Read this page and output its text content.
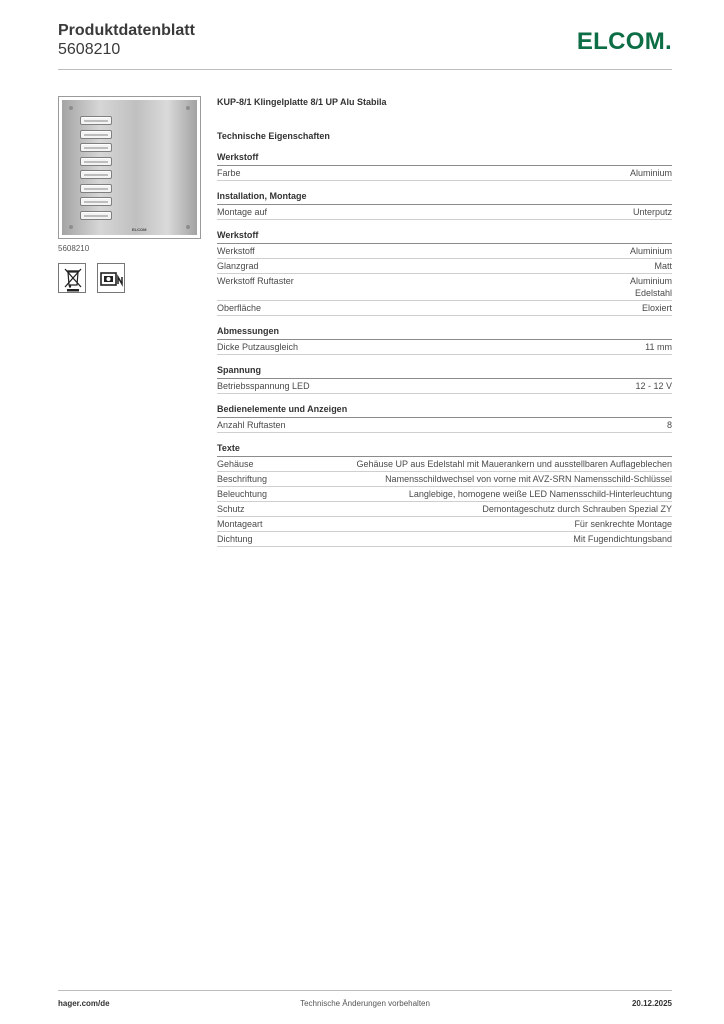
Produktdatenblatt
5608210	ELCOM.
ELCOM
5608210
KUP-8/1 Klingelplatte 8/1 UP Alu Stabila
Technische Eigenschaften
Werkstoff
Farbe	Aluminium
Installation, Montage
Montage auf	Unterputz
Werkstoff
Werkstoff	Aluminium
Glanzgrad	Matt
Werkstoff Ruftaster	Aluminium
Edelstahl
Oberfläche	Eloxiert
Abmessungen
Dicke Putzausgleich	11 mm
Spannung
Betriebsspannung LED	12 - 12 V
Bedienelemente und Anzeigen
Anzahl Ruftasten	8
Texte
Gehäuse	Gehäuse UP aus Edelstahl mit Mauerankern und ausstellbaren Auflageblechen
Beschriftung	Namensschildwechsel von vorne mit AVZ-SRN Namensschild-Schlüssel
Beleuchtung	Langlebige, homogene weiße LED Namensschild-Hinterleuchtung
Schutz	Demontageschutz durch Schrauben Spezial ZY
Montageart	Für senkrechte Montage
Dichtung	Mit Fugendichtungsband
hager.com/de	Technische Änderungen vorbehalten	20.12.2025
